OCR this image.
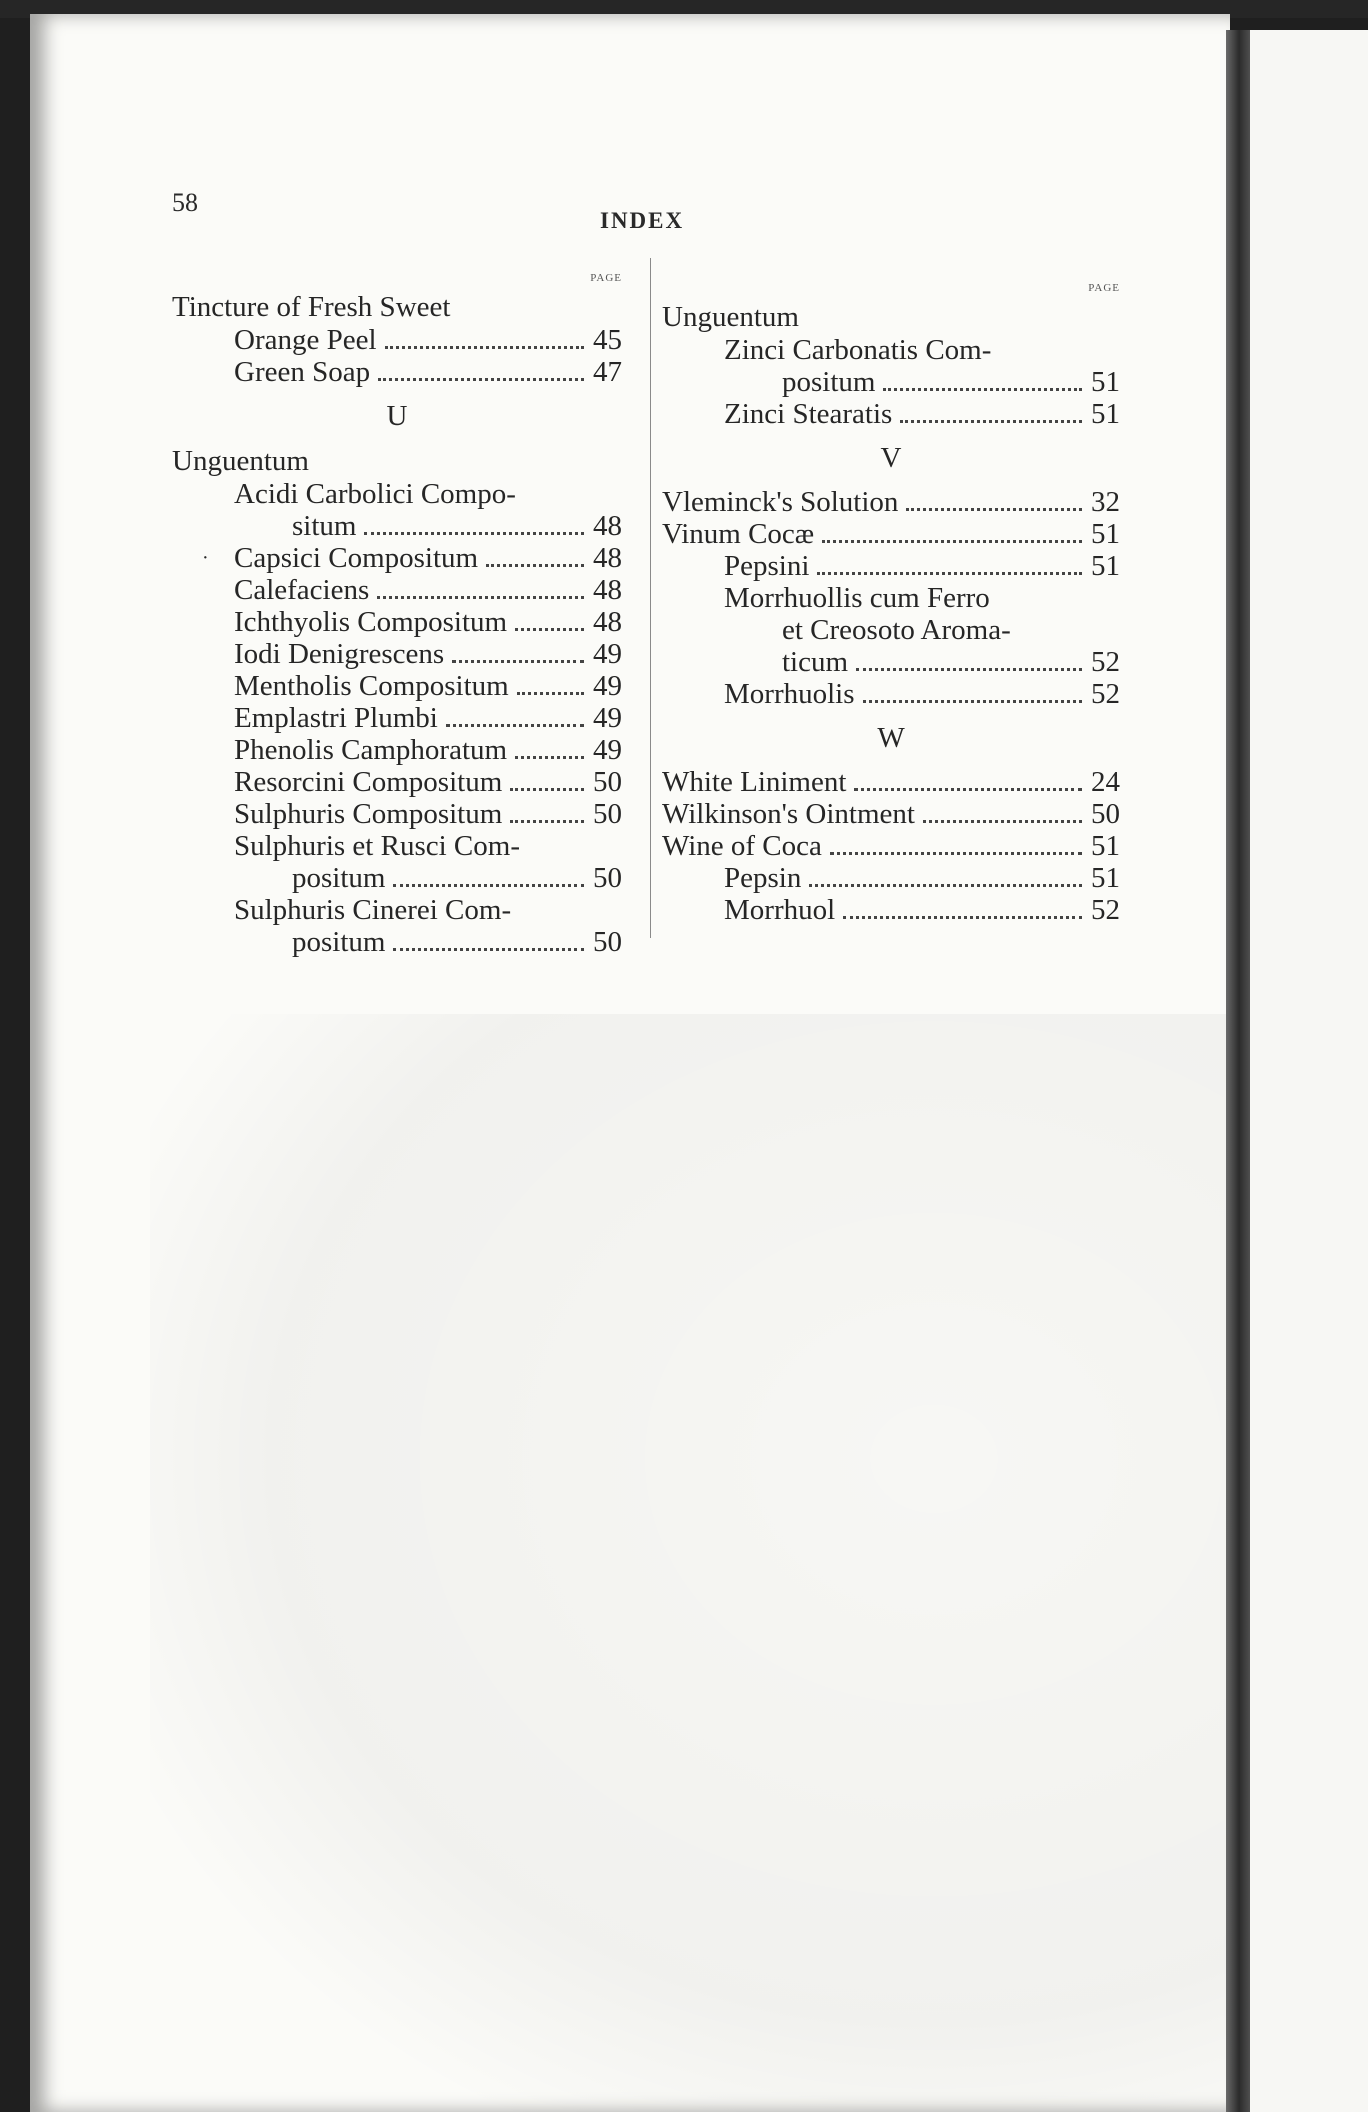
58
INDEX
PAGE
Tincture of Fresh Sweet
Orange Peel	45
Green Soap	47
U
Unguentum
Acidi Carbolici Compo-
situm	48
· Capsici Compositum	48
Calefaciens	48
Ichthyolis Compositum	48
Iodi Denigrescens	49
Mentholis Compositum	49
Emplastri Plumbi	49
Phenolis Camphoratum	49
Resorcini Compositum	50
Sulphuris Compositum	50
Sulphuris et Rusci Com-
positum	50
Sulphuris Cinerei Com-
positum	50
PAGE
Unguentum
Zinci Carbonatis Com-
positum	51
Zinci Stearatis	51
V
Vleminck's Solution	32
Vinum Cocæ	51
Pepsini	51
Morrhuollis cum Ferro
et Creosoto Aroma-
ticum	52
Morrhuolis	52
W
White Liniment	24
Wilkinson's Ointment	50
Wine of Coca	51
Pepsin	51
Morrhuol	52
